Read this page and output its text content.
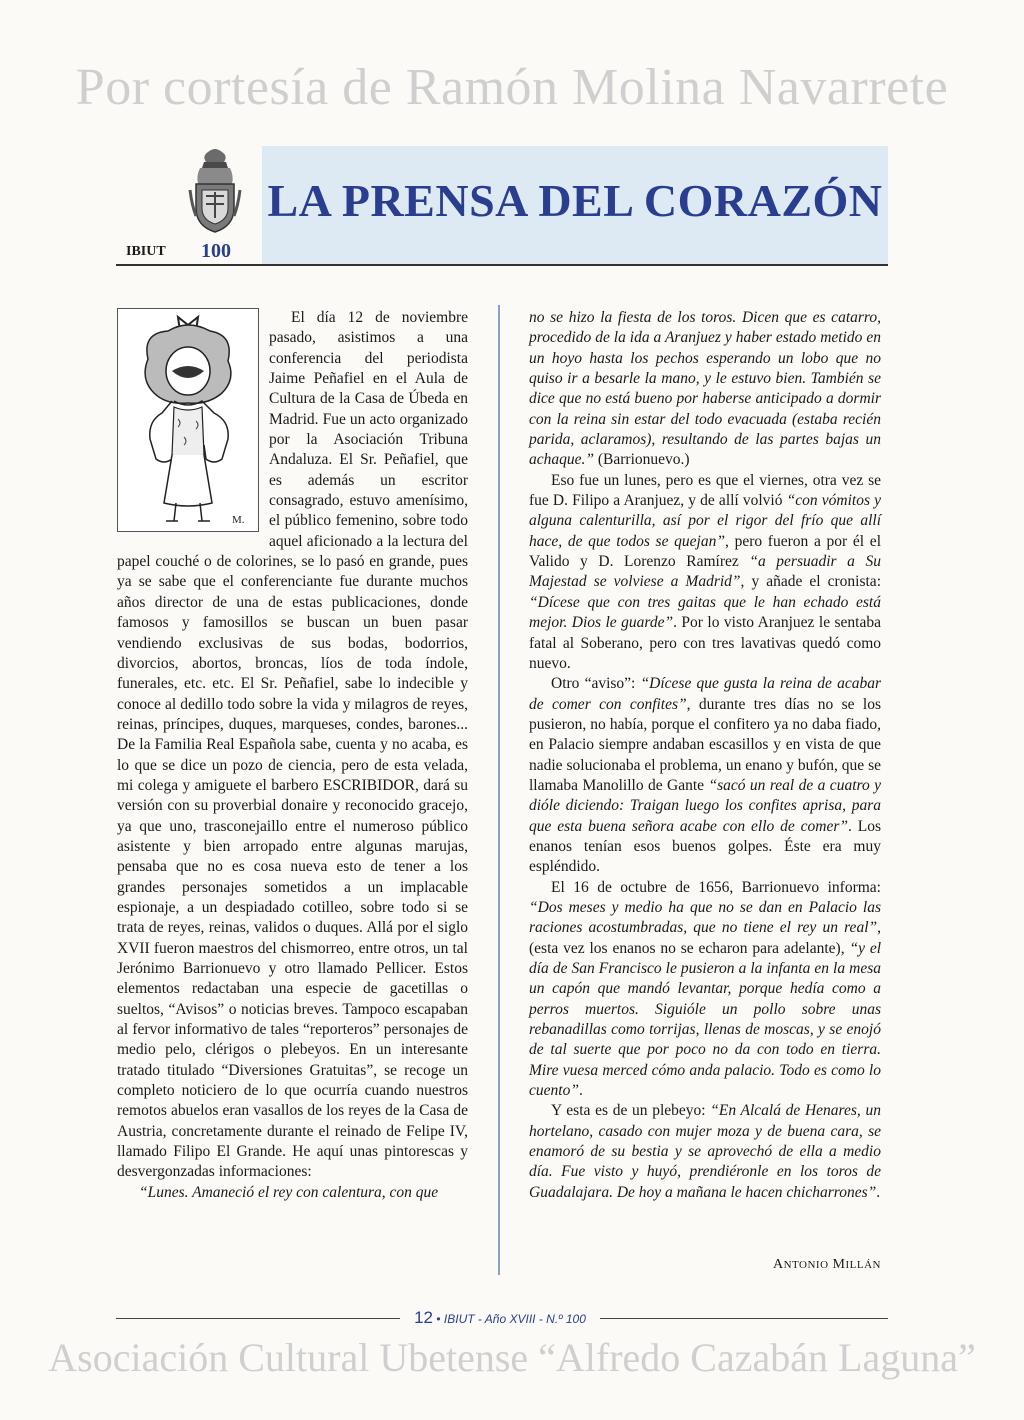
Por cortesía de Ramón Molina Navarrete
LA PRENSA DEL CORAZÓN
IBIUT 100
M.

El día 12 de noviembre pasado, asistimos a una conferencia del periodista Jaime Peñafiel en el Aula de Cultura de la Casa de Úbeda en Madrid. Fue un acto organizado por la Asociación Tribuna Andaluza. El Sr. Peñafiel, que es además un escritor consagrado, estuvo amenísimo, el público femenino, sobre todo aquel aficionado a la lectura del papel couché o de colorines, se lo pasó en grande, pues ya se sabe que el conferenciante fue durante muchos años director de una de estas publicaciones, donde famosos y famosillos se buscan un buen pasar vendiendo exclusivas de sus bodas, bodorrios, divorcios, abortos, broncas, líos de toda índole, funerales, etc. etc. El Sr. Peñafiel, sabe lo indecible y conoce al dedillo todo sobre la vida y milagros de reyes, reinas, príncipes, duques, marqueses, condes, barones... De la Familia Real Española sabe, cuenta y no acaba, es lo que se dice un pozo de ciencia, pero de esta velada, mi colega y amiguete el barbero ESCRIBIDOR, dará su versión con su proverbial donaire y reconocido gracejo, ya que uno, trasconejaillo entre el numeroso público asistente y bien arropado entre algunas marujas, pensaba que no es cosa nueva esto de tener a los grandes personajes sometidos a un implacable espionaje, a un despiadado cotilleo, sobre todo si se trata de reyes, reinas, validos o duques. Allá por el siglo XVII fueron maestros del chismorreo, entre otros, un tal Jerónimo Barrionuevo y otro llamado Pellicer. Estos elementos redactaban una especie de gacetillas o sueltos, “Avisos” o noticias breves. Tampoco escapaban al fervor informativo de tales “reporteros” personajes de medio pelo, clérigos o plebeyos. En un interesante tratado titulado “Diversiones Gratuitas”, se recoge un completo noticiero de lo que ocurría cuando nuestros remotos abuelos eran vasallos de los reyes de la Casa de Austria, concretamente durante el reinado de Felipe IV, llamado Filipo El Grande. He aquí unas pintorescas y desvergonzadas informaciones:

“Lunes. Amaneció el rey con calentura, con que

no se hizo la fiesta de los toros. Dicen que es catarro, procedido de la ida a Aranjuez y haber estado metido en un hoyo hasta los pechos esperando un lobo que no quiso ir a besarle la mano, y le estuvo bien. También se dice que no está bueno por haberse anticipado a dormir con la reina sin estar del todo evacuada (estaba recién parida, aclaramos), resultando de las partes bajas un achaque.” (Barrionuevo.)

Eso fue un lunes, pero es que el viernes, otra vez se fue D. Filipo a Aranjuez, y de allí volvió “con vómitos y alguna calenturilla, así por el rigor del frío que allí hace, de que todos se quejan”, pero fueron a por él el Valido y D. Lorenzo Ramírez “a persuadir a Su Majestad se volviese a Madrid”, y añade el cronista: “Dícese que con tres gaitas que le han echado está mejor. Dios le guarde”. Por lo visto Aranjuez le sentaba fatal al Soberano, pero con tres lavativas quedó como nuevo.

Otro “aviso”: “Dícese que gusta la reina de acabar de comer con confites”, durante tres días no se los pusieron, no había, porque el confitero ya no daba fiado, en Palacio siempre andaban escasillos y en vista de que nadie solucionaba el problema, un enano y bufón, que se llamaba Manolillo de Gante “sacó un real de a cuatro y dióle diciendo: Traigan luego los confites aprisa, para que esta buena señora acabe con ello de comer”. Los enanos tenían esos buenos golpes. Éste era muy espléndido.

El 16 de octubre de 1656, Barrionuevo informa: “Dos meses y medio ha que no se dan en Palacio las raciones acostumbradas, que no tiene el rey un real”, (esta vez los enanos no se echaron para adelante), “y el día de San Francisco le pusieron a la infanta en la mesa un capón que mandó levantar, porque hedía como a perros muertos. Siguióle un pollo sobre unas rebanadillas como torrijas, llenas de moscas, y se enojó de tal suerte que por poco no da con todo en tierra. Mire vuesa merced cómo anda palacio. Todo es como lo cuento”.

Y esta es de un plebeyo: “En Alcalá de Henares, un hortelano, casado con mujer moza y de buena cara, se enamoró de su bestia y se aprovechó de ella a medio día. Fue visto y huyó, prendiéronle en los toros de Guadalajara. De hoy a mañana le hacen chicharrones”.

ANTONIO MILLÁN
12 • IBIUT - Año XVIII - N.º 100
Asociación Cultural Ubetense “Alfredo Cazabán Laguna”
